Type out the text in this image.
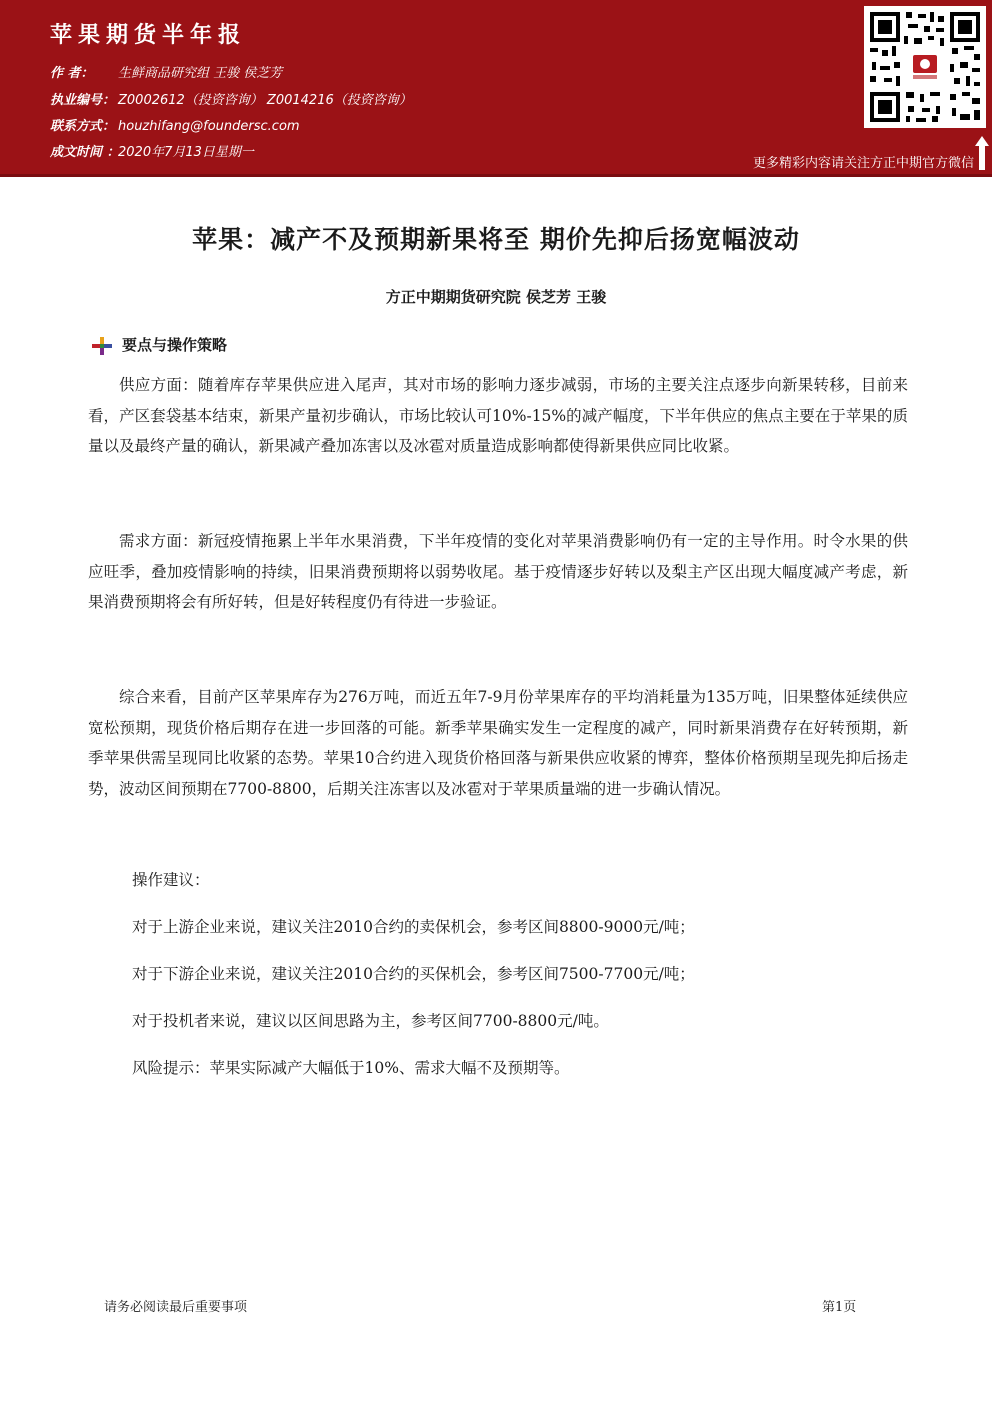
苹果期货半年报
作 者： 生鲜商品研究组 王骏 侯芝芳
执业编号： Z0002612（投资咨询） Z0014216（投资咨询）
联系方式： houzhifang@foundersc.com
成文时间 ：2020年7月13日星期一
更多精彩内容请关注方正中期官方微信
苹果：减产不及预期新果将至 期价先抑后扬宽幅波动
方正中期期货研究院 侯芝芳 王骏
要点与操作策略

供应方面：随着库存苹果供应进入尾声，其对市场的影响力逐步减弱，市场的主要关注点逐步向新果转移，目前来看，产区套袋基本结束，新果产量初步确认，市场比较认可10%-15%的减产幅度，下半年供应的焦点主要在于苹果的质量以及最终产量的确认，新果减产叠加冻害以及冰雹对质量造成影响都使得新果供应同比收紧。

需求方面：新冠疫情拖累上半年水果消费，下半年疫情的变化对苹果消费影响仍有一定的主导作用。时令水果的供应旺季，叠加疫情影响的持续，旧果消费预期将以弱势收尾。基于疫情逐步好转以及梨主产区出现大幅度减产考虑，新果消费预期将会有所好转，但是好转程度仍有待进一步验证。

综合来看，目前产区苹果库存为276万吨，而近五年7-9月份苹果库存的平均消耗量为135万吨，旧果整体延续供应宽松预期，现货价格后期存在进一步回落的可能。新季苹果确实发生一定程度的减产，同时新果消费存在好转预期，新季苹果供需呈现同比收紧的态势。苹果10合约进入现货价格回落与新果供应收紧的博弈，整体价格预期呈现先抑后扬走势，波动区间预期在7700-8800，后期关注冻害以及冰雹对于苹果质量端的进一步确认情况。

操作建议：
对于上游企业来说，建议关注2010合约的卖保机会，参考区间8800-9000元/吨；
对于下游企业来说，建议关注2010合约的买保机会，参考区间7500-7700元/吨；
对于投机者来说，建议以区间思路为主，参考区间7700-8800元/吨。
风险提示：苹果实际减产大幅低于10%、需求大幅不及预期等。
请务必阅读最后重要事项	第1页
